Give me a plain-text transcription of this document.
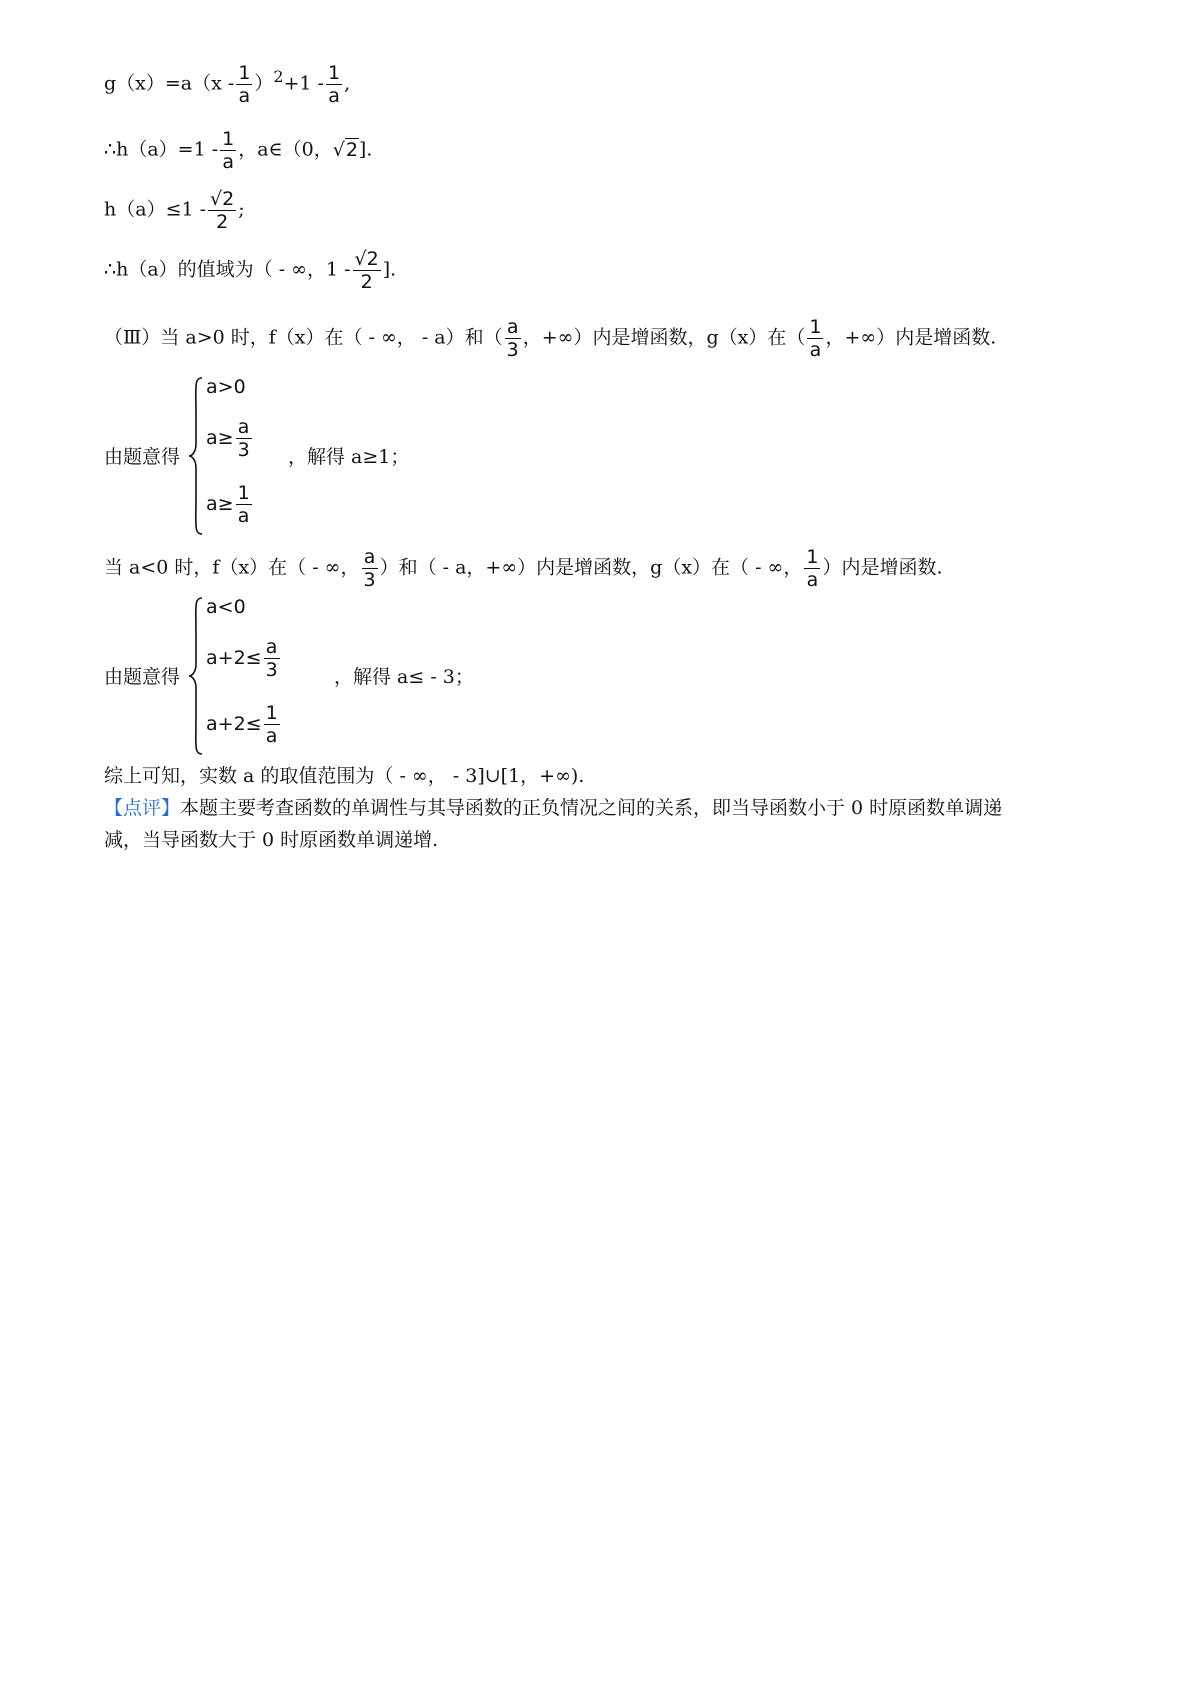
$g(x)=a(x - \frac{1}{a} )^2+1 - \frac{1}{a}$ ,
∴h（a）=1 - $\frac{1}{a}$ ，a∈（0，√2].
$h(a)\le 1 - \frac{√2}{2}$ ;
∴h（a）的值域为（ - ∞，$1 - \frac{√2}{2}$ ].
（Ⅲ）当 a>0 时，f（x）在（ - ∞， - a）和（ $\frac{a}{3}$ ，+∞）内是增函数，g（x）在（ $\frac{1}{a}$ ，+∞）内是增函数.
由题意得
a>0
$a\ge \frac{a}{3}$
$a\ge \frac{1}{a}$
，解得 a≥1；
当 a<0 时，f（x）在（ - ∞， $\frac{a}{3}$ ）和（ - a，+∞）内是增函数，g（x）在（ - ∞， $\frac{1}{a}$ ）内是增函数.
由题意得
a<0
$a+2\le \frac{a}{3}$
$a+2\le \frac{1}{a}$
，解得 a≤ - 3；
综上可知，实数 a 的取值范围为（ - ∞， - 3]∪[1，+∞).
【点评】本题主要考查函数的单调性与其导函数的正负情况之间的关系，即当导函数小于 0 时原函数单调递
减，当导函数大于 0 时原函数单调递增.
